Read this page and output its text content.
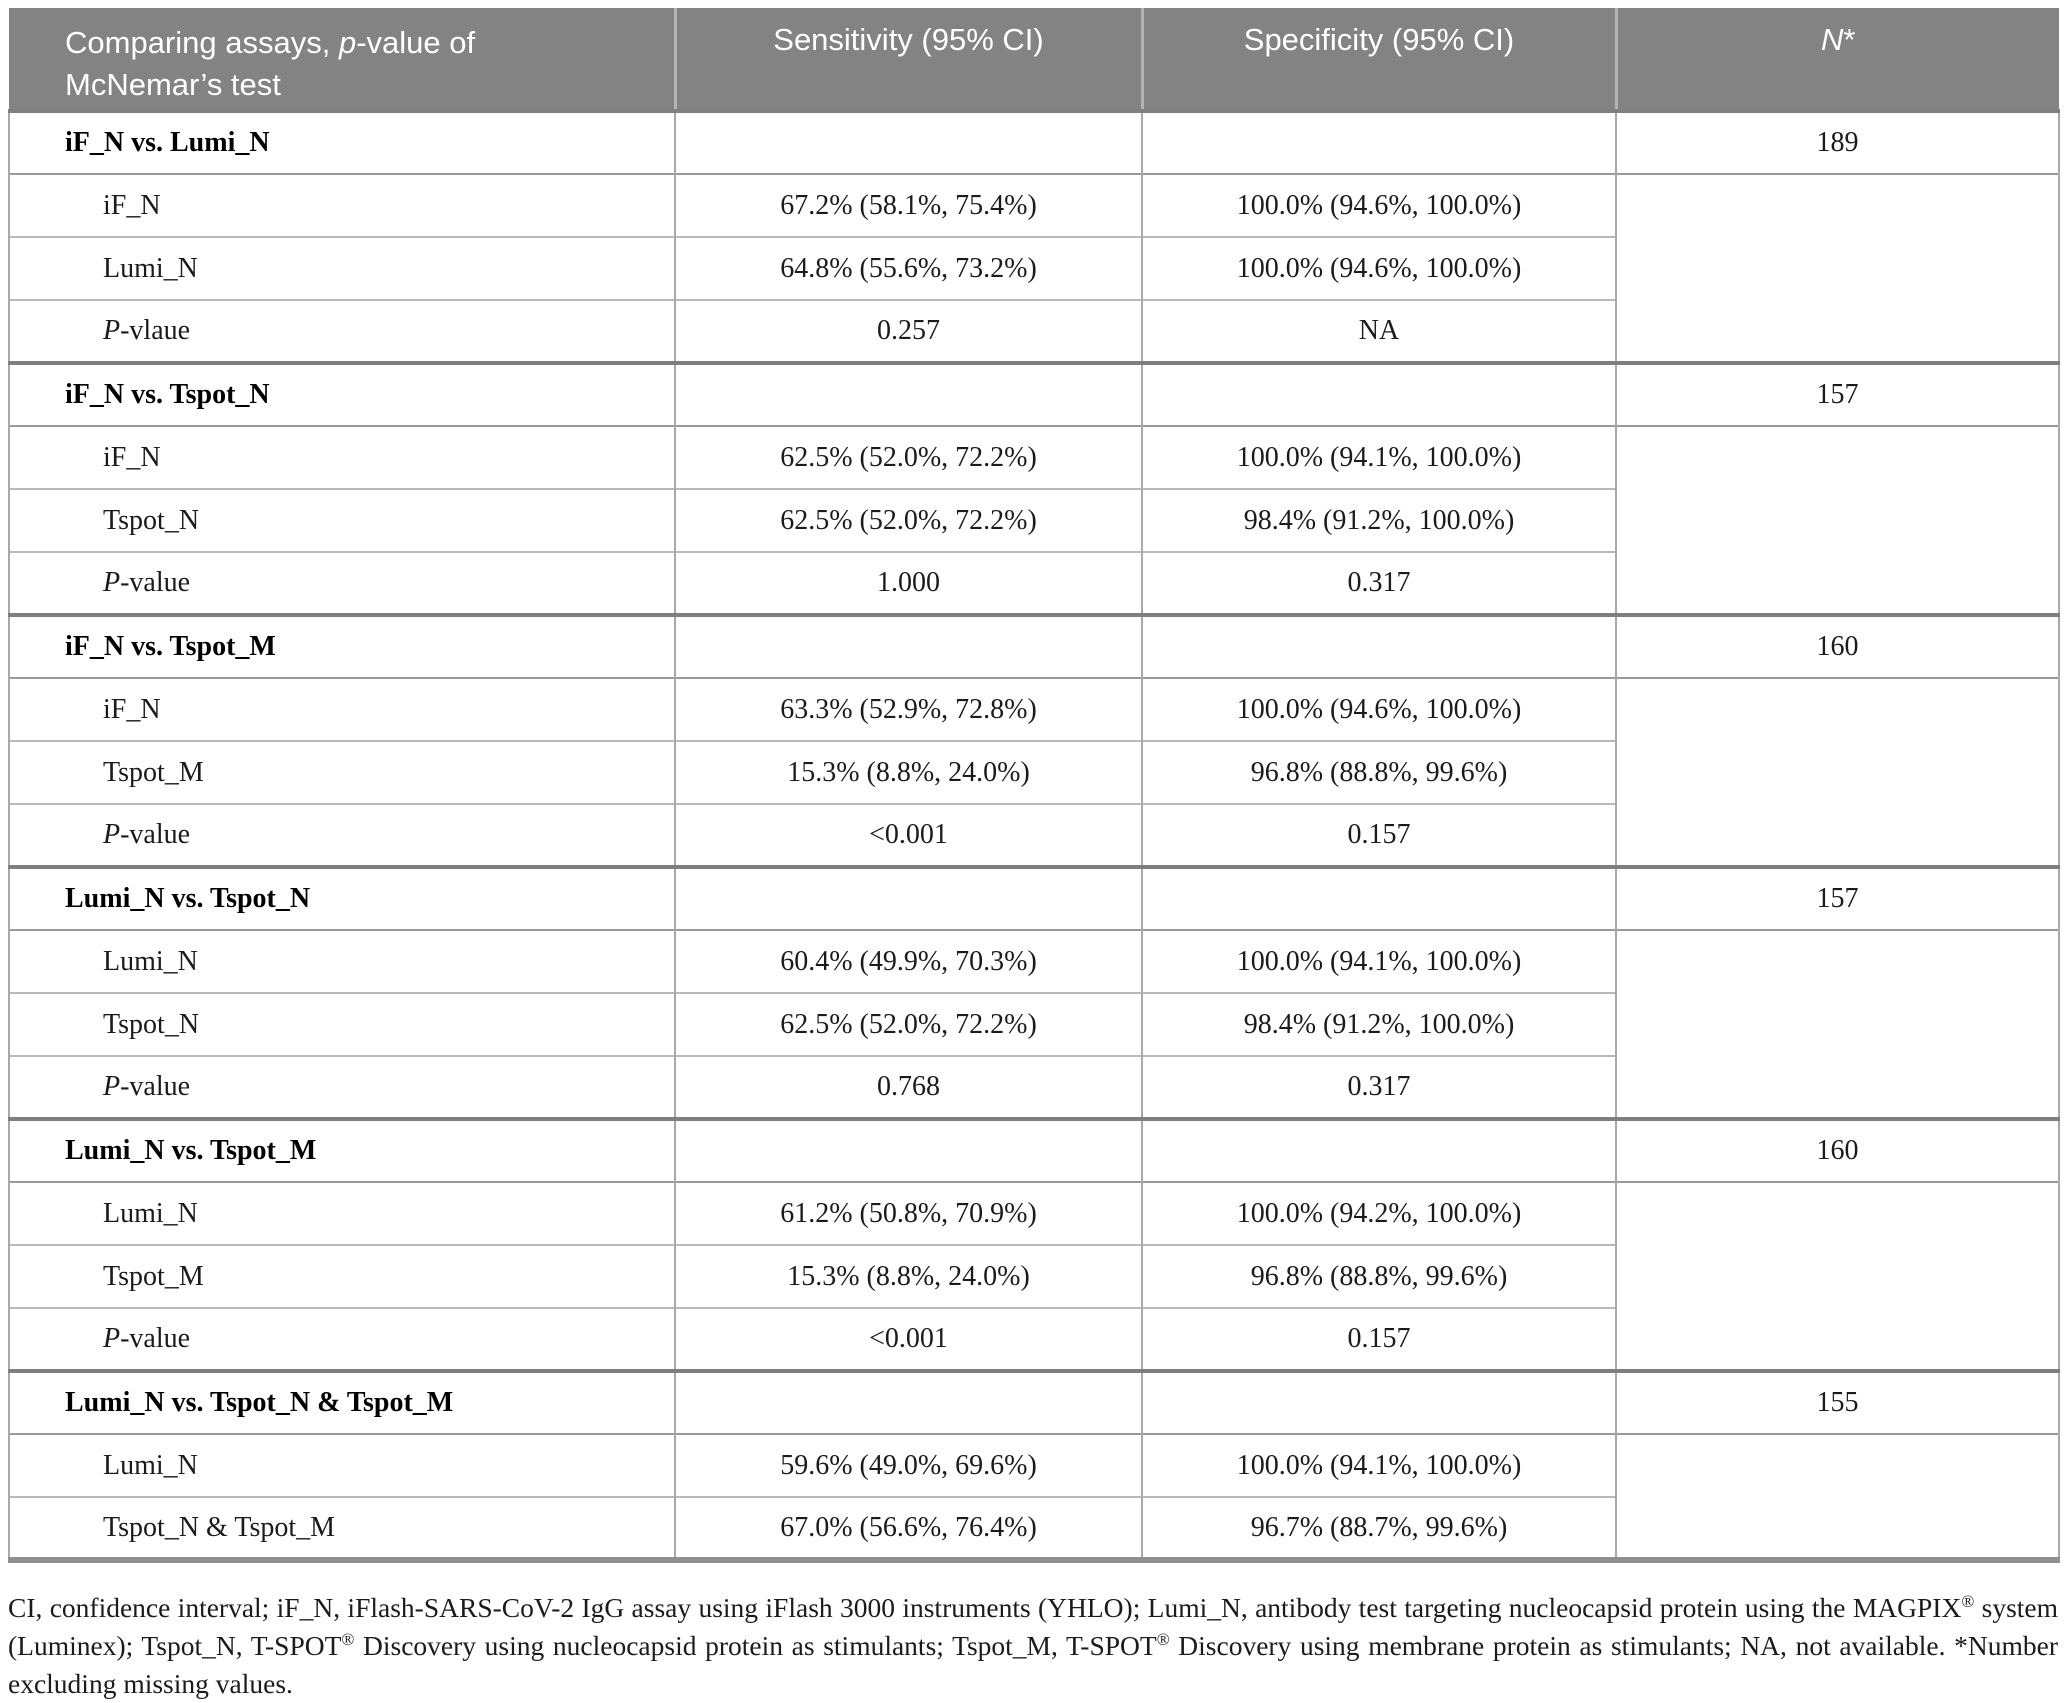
Comparing assays, p-value of McNemar’s test	Sensitivity (95% CI)	Specificity (95% CI)	N*

iF_N vs. Lumi_N			189

iF_N	67.2% (58.1%, 75.4%)	100.0% (94.6%, 100.0%)	

Lumi_N	64.8% (55.6%, 73.2%)	100.0% (94.6%, 100.0%)	

P-vlaue	0.257	NA	

iF_N vs. Tspot_N			157

iF_N	62.5% (52.0%, 72.2%)	100.0% (94.1%, 100.0%)	

Tspot_N	62.5% (52.0%, 72.2%)	98.4% (91.2%, 100.0%)	

P-value	1.000	0.317	

iF_N vs. Tspot_M			160

iF_N	63.3% (52.9%, 72.8%)	100.0% (94.6%, 100.0%)	

Tspot_M	15.3% (8.8%, 24.0%)	96.8% (88.8%, 99.6%)	

P-value	<0.001	0.157	

Lumi_N vs. Tspot_N			157

Lumi_N	60.4% (49.9%, 70.3%)	100.0% (94.1%, 100.0%)	

Tspot_N	62.5% (52.0%, 72.2%)	98.4% (91.2%, 100.0%)	

P-value	0.768	0.317	

Lumi_N vs. Tspot_M			160

Lumi_N	61.2% (50.8%, 70.9%)	100.0% (94.2%, 100.0%)	

Tspot_M	15.3% (8.8%, 24.0%)	96.8% (88.8%, 99.6%)	

P-value	<0.001	0.157	

Lumi_N vs. Tspot_N & Tspot_M			155

Lumi_N	59.6% (49.0%, 69.6%)	100.0% (94.1%, 100.0%)	

Tspot_N & Tspot_M	67.0% (56.6%, 76.4%)	96.7% (88.7%, 99.6%)	

CI, confidence interval; iF_N, iFlash-SARS-CoV-2 IgG assay using iFlash 3000 instruments (YHLO); Lumi_N, antibody test targeting nucleocapsid protein using the MAGPIX® system (Luminex); Tspot_N, T-SPOT® Discovery using nucleocapsid protein as stimulants; Tspot_M, T-SPOT® Discovery using membrane protein as stimulants; NA, not available. *Number excluding missing values.
